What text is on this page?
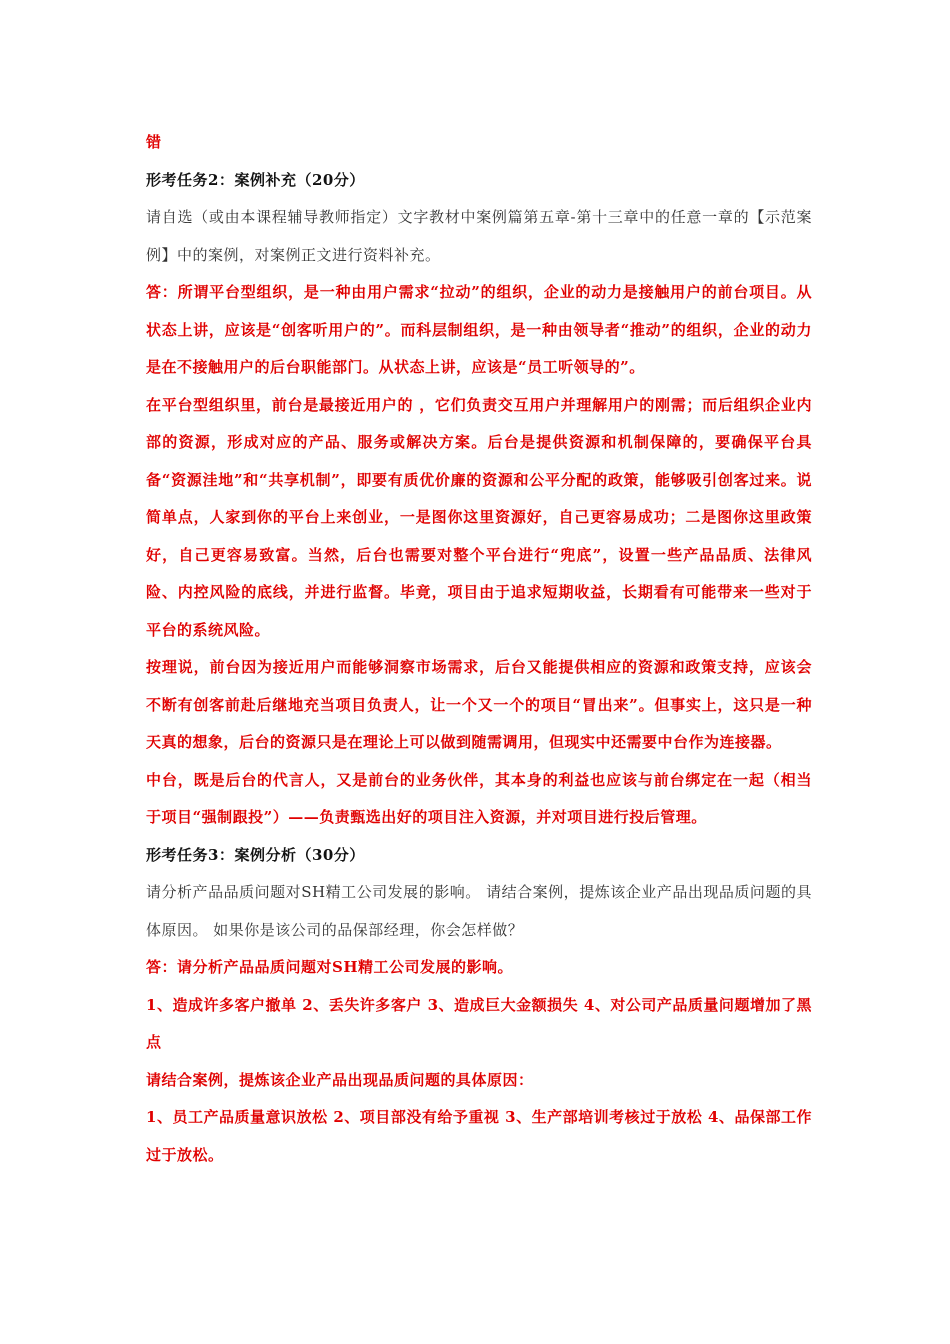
错

形考任务2：案例补充（20分）

请自选（或由本课程辅导教师指定）文字教材中案例篇第五章-第十三章中的任意一章的【示范案例】中的案例，对案例正文进行资料补充。

答：所谓平台型组织，是一种由用户需求“拉动”的组织，企业的动力是接触用户的前台项目。从状态上讲，应该是“创客听用户的”。而科层制组织，是一种由领导者“推动”的组织，企业的动力是在不接触用户的后台职能部门。从状态上讲，应该是“员工听领导的”。

在平台型组织里，前台是最接近用户的 ，它们负责交互用户并理解用户的刚需；而后组织企业内部的资源，形成对应的产品、服务或解决方案。后台是提供资源和机制保障的，要确保平台具备“资源洼地”和“共享机制”，即要有质优价廉的资源和公平分配的政策，能够吸引创客过来。说简单点，人家到你的平台上来创业，一是图你这里资源好，自己更容易成功；二是图你这里政策好，自己更容易致富。当然，后台也需要对整个平台进行“兜底”，设置一些产品品质、法律风险、内控风险的底线，并进行监督。毕竟，项目由于追求短期收益，长期看有可能带来一些对于平台的系统风险。

按理说，前台因为接近用户而能够洞察市场需求，后台又能提供相应的资源和政策支持，应该会不断有创客前赴后继地充当项目负责人，让一个又一个的项目“冒出来”。但事实上，这只是一种天真的想象，后台的资源只是在理论上可以做到随需调用，但现实中还需要中台作为连接器。

中台，既是后台的代言人，又是前台的业务伙伴，其本身的利益也应该与前台绑定在一起（相当于项目“强制跟投”）——负责甄选出好的项目注入资源，并对项目进行投后管理。

形考任务3：案例分析（30分）

请分析产品品质问题对SH精工公司发展的影响。 请结合案例，提炼该企业产品出现品质问题的具体原因。 如果你是该公司的品保部经理，你会怎样做？

答：请分析产品品质问题对SH精工公司发展的影响。

1、造成许多客户撤单 2、丢失许多客户 3、造成巨大金额损失 4、对公司产品质量问题增加了黑点

请结合案例，提炼该企业产品出现品质问题的具体原因：

1、员工产品质量意识放松 2、项目部没有给予重视 3、生产部培训考核过于放松 4、品保部工作过于放松。
